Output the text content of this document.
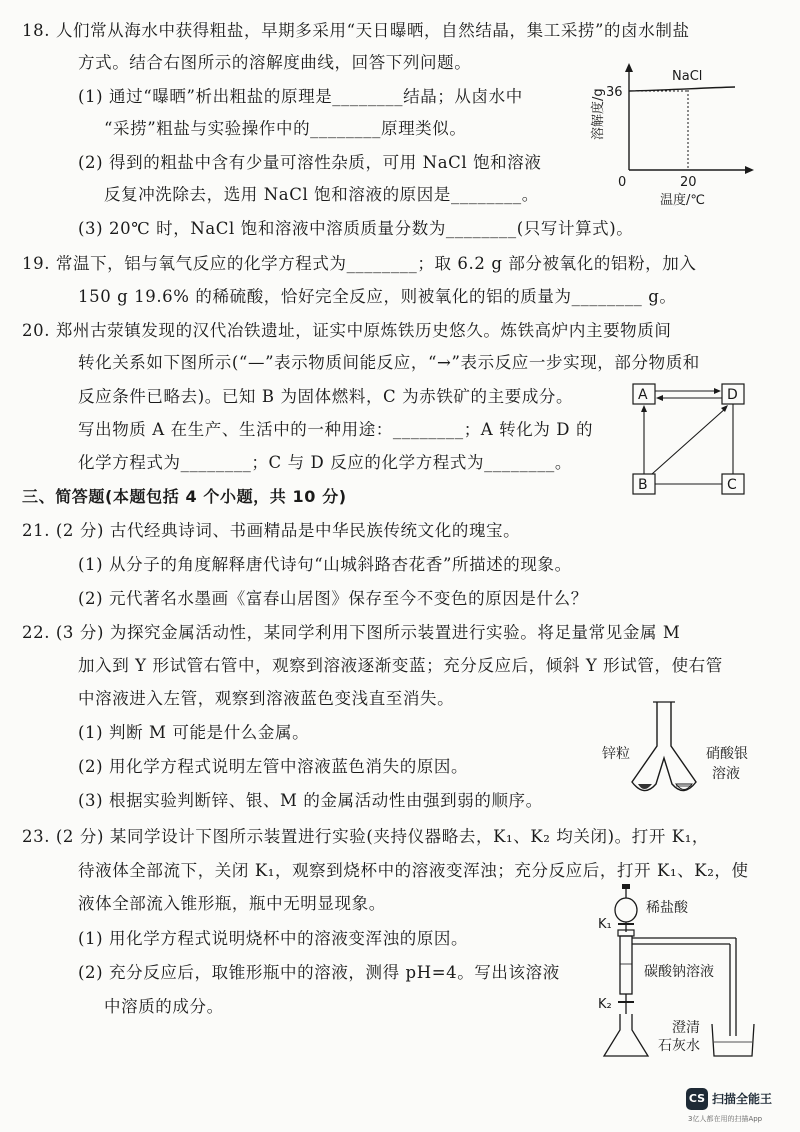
18. 人们常从海水中获得粗盐，早期多采用“天日曝晒，自然结晶，集工采捞”的卤水制盐
方式。结合右图所示的溶解度曲线，回答下列问题。
(1) 通过“曝晒”析出粗盐的原理是________结晶；从卤水中
“采捞”粗盐与实验操作中的________原理类似。
(2) 得到的粗盐中含有少量可溶性杂质，可用 NaCl 饱和溶液
反复冲洗除去，选用 NaCl 饱和溶液的原因是________。
(3) 20℃ 时，NaCl 饱和溶液中溶质质量分数为________(只写计算式)。
NaCl
36
0	20
温度/℃
溶解度/g
19. 常温下，铝与氧气反应的化学方程式为________；取 6.2 g 部分被氧化的铝粉，加入
150 g 19.6% 的稀硫酸，恰好完全反应，则被氧化的铝的质量为________ g。
20. 郑州古荥镇发现的汉代冶铁遗址，证实中原炼铁历史悠久。炼铁高炉内主要物质间
转化关系如下图所示(“—”表示物质间能反应，“→”表示反应一步实现，部分物质和
反应条件已略去)。已知 B 为固体燃料，C 为赤铁矿的主要成分。
写出物质 A 在生产、生活中的一种用途：________；A 转化为 D 的
化学方程式为________；C 与 D 反应的化学方程式为________。
A	D
B	C
三、简答题(本题包括 4 个小题，共 10 分)
21. (2 分) 古代经典诗词、书画精品是中华民族传统文化的瑰宝。
(1) 从分子的角度解释唐代诗句“山城斜路杏花香”所描述的现象。
(2) 元代著名水墨画《富春山居图》保存至今不变色的原因是什么？
22. (3 分) 为探究金属活动性，某同学利用下图所示装置进行实验。将足量常见金属 M
加入到 Y 形试管右管中，观察到溶液逐渐变蓝；充分反应后，倾斜 Y 形试管，使右管
中溶液进入左管，观察到溶液蓝色变浅直至消失。
(1) 判断 M 可能是什么金属。
(2) 用化学方程式说明左管中溶液蓝色消失的原因。
(3) 根据实验判断锌、银、M 的金属活动性由强到弱的顺序。
锌粒	硝酸银
溶液
23. (2 分) 某同学设计下图所示装置进行实验(夹持仪器略去，K₁、K₂ 均关闭)。打开 K₁，
待液体全部流下，关闭 K₁，观察到烧杯中的溶液变浑浊；充分反应后，打开 K₁、K₂，使
液体全部流入锥形瓶，瓶中无明显现象。
(1) 用化学方程式说明烧杯中的溶液变浑浊的原因。
(2) 充分反应后，取锥形瓶中的溶液，测得 pH=4。写出该溶液
中溶质的成分。
稀盐酸
K₁
碳酸钠溶液
K₂
澄清
石灰水
CS 扫描全能王
3亿人都在用的扫描App
